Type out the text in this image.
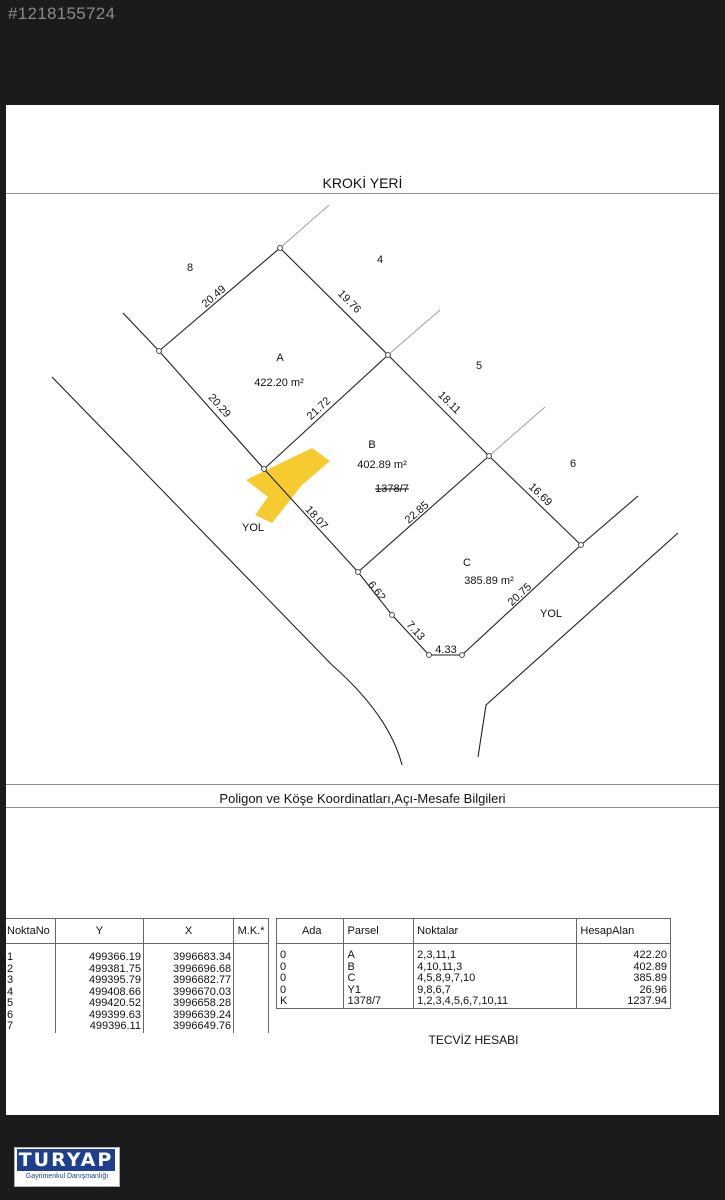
#1218155724
KROKİ YERİ
A
422.20 m²
B
402.89 m²
1378/7
C
385.89 m²
8
4
5
6
YOL
YOL
20.49	19.76
21.72
20.29	18.11
22.85
18.07
16.69
6.62	20.75
7.13
4.33
Poligon ve Köşe Koordinatları,Açı-Mesafe Bilgileri
NoktaNo	Y	X	M.K.*
1	499366.19	3996683.34	
2	499381.75	3996696.68	
3	499395.79	3996682.77	
4	499408.66	3996670.03	
5	499420.52	3996658.28	
6	499399.63	3996639.24	
7	499396.11	3996649.76	
Ada	Parsel	Noktalar	HesapAlan
0	A	2,3,11,1	422.20
0	B	4,10,11,3	402.89
0	C	4,5,8,9,7,10	385.89
0	Y1	9,8,6,7	26.96
K	1378/7	1,2,3,4,5,6,7,10,11	1237.94
TECVİZ HESABI
TURYAP
Gayrimenkul Danışmanlığı
